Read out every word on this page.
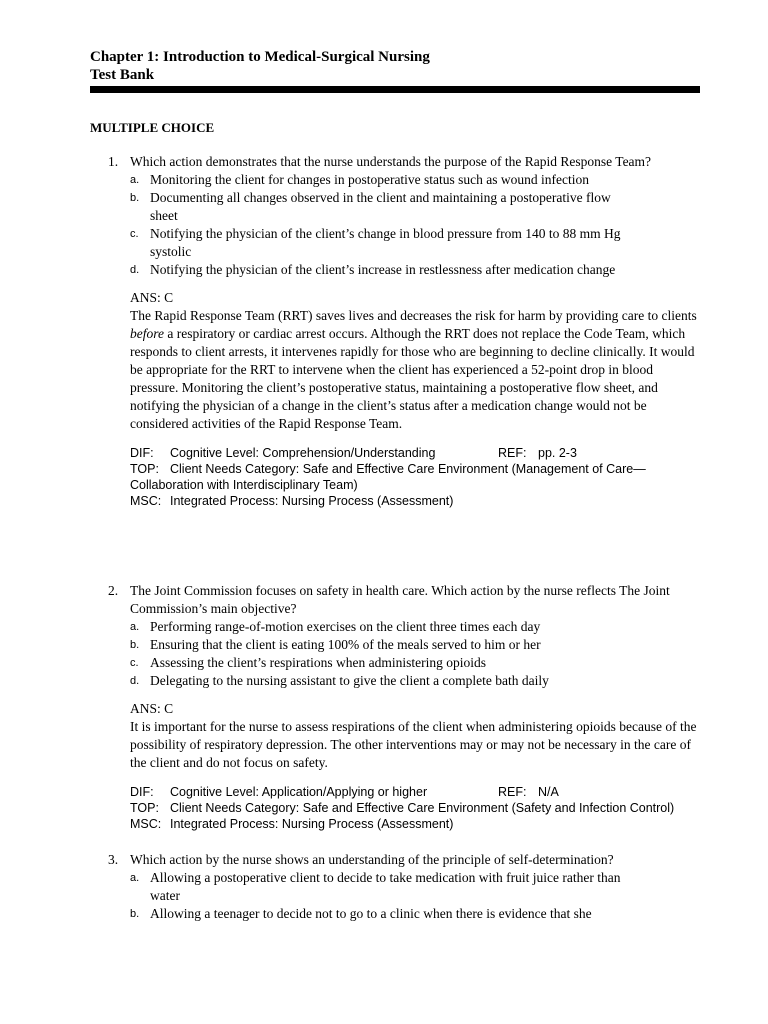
Chapter 1: Introduction to Medical-Surgical Nursing
Test Bank
MULTIPLE CHOICE
1. Which action demonstrates that the nurse understands the purpose of the Rapid Response Team?
a. Monitoring the client for changes in postoperative status such as wound infection
b. Documenting all changes observed in the client and maintaining a postoperative flow sheet
c. Notifying the physician of the client’s change in blood pressure from 140 to 88 mm Hg systolic
d. Notifying the physician of the client’s increase in restlessness after medication change
ANS: C
The Rapid Response Team (RRT) saves lives and decreases the risk for harm by providing care to clients before a respiratory or cardiac arrest occurs. Although the RRT does not replace the Code Team, which responds to client arrests, it intervenes rapidly for those who are beginning to decline clinically. It would be appropriate for the RRT to intervene when the client has experienced a 52-point drop in blood pressure. Monitoring the client’s postoperative status, maintaining a postoperative flow sheet, and notifying the physician of a change in the client’s status after a medication change would not be considered activities of the Rapid Response Team.
DIF: Cognitive Level: Comprehension/Understanding	REF: pp. 2-3
TOP: Client Needs Category: Safe and Effective Care Environment (Management of Care—
Collaboration with Interdisciplinary Team)
MSC: Integrated Process: Nursing Process (Assessment)
2. The Joint Commission focuses on safety in health care. Which action by the nurse reflects The Joint Commission’s main objective?
a. Performing range-of-motion exercises on the client three times each day
b. Ensuring that the client is eating 100% of the meals served to him or her
c. Assessing the client’s respirations when administering opioids
d. Delegating to the nursing assistant to give the client a complete bath daily
ANS: C
It is important for the nurse to assess respirations of the client when administering opioids because of the possibility of respiratory depression. The other interventions may or may not be necessary in the care of the client and do not focus on safety.
DIF: Cognitive Level: Application/Applying or higher	REF: N/A
TOP: Client Needs Category: Safe and Effective Care Environment (Safety and Infection Control)
MSC: Integrated Process: Nursing Process (Assessment)
3. Which action by the nurse shows an understanding of the principle of self-determination?
a. Allowing a postoperative client to decide to take medication with fruit juice rather than water
b. Allowing a teenager to decide not to go to a clinic when there is evidence that she
